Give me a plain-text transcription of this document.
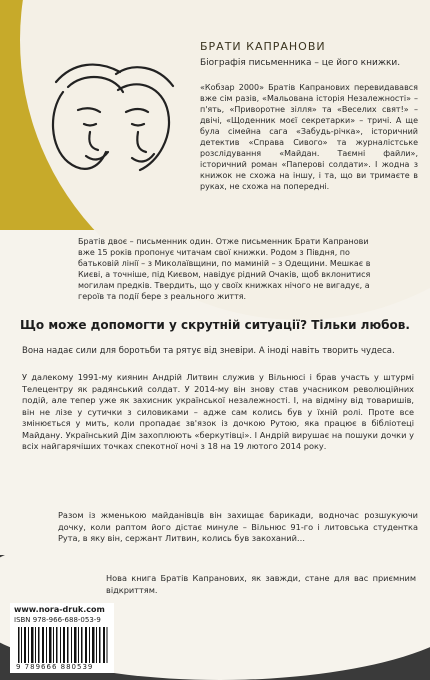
БРАТИ КАПРАНОВИ
Біографія письменника – це його книжки.
«Кобзар 2000» Братів Капранових перевидавався вже сім разів, «Мальована історія Незалежності» – п'ять, «Приворотне зілля» та «Веселих свят!» – двічі, «Щоденник моєї секретарки» – тричі. А ще була сімейна сага «Забудь-річка», історичний детектив «Справа Сивого» та журналістське розслідування «Майдан. Таємні файли», історичний роман «Паперові солдати». І жодна з книжок не схожа на іншу, і та, що ви тримаєте в руках, не схожа на попередні.
Братів двоє – письменник один. Отже письменник Брати Капранови вже 15 років пропонує читачам свої книжки. Родом з Півдня, по батьковій лінії – з Миколаївщини, по маминій – з Одещини. Мешкає в Києві, а точніше, під Києвом, навідує рідний Очаків, щоб вклонитися могилам предків. Твердить, що у своїх книжках нічого не вигадує, а героїв та події бере з реального життя.
Що може допомогти у скрутній ситуації? Тільки любов.
Вона надає сили для боротьби та рятує від зневіри. А іноді навіть творить чудеса.
У далекому 1991-му киянин Андрій Литвин служив у Вільнюсі і брав участь у штурмі Телецентру як радянський солдат. У 2014-му він знову став учасником революційних подій, але тепер уже як захисник української незалежності. І, на відміну від товаришів, він не лізе у сутички з силовиками – адже сам колись був у їхній ролі. Проте все змінюється у мить, коли пропадає зв'язок із дочкою Рутою, яка працює в бібліотеці Майдану. Український Дім захоплюють «беркутівці». І Андрій вирушає на пошуки дочки у всіх найгарячіших точках спекотної ночі з 18 на 19 лютого 2014 року.
Разом із жменькою майданівців він захищає барикади, водночас розшукуючи дочку, коли раптом його дістає минуле – Вільнюс 91-го і литовська студентка Рута, в яку він, сержант Литвин, колись був закоханий…
Нова книга Братів Капранових, як завжди, стане для вас приємним відкриттям.
www.nora-druk.com
ISBN 978-966-688-053-9
9 789666 880539
